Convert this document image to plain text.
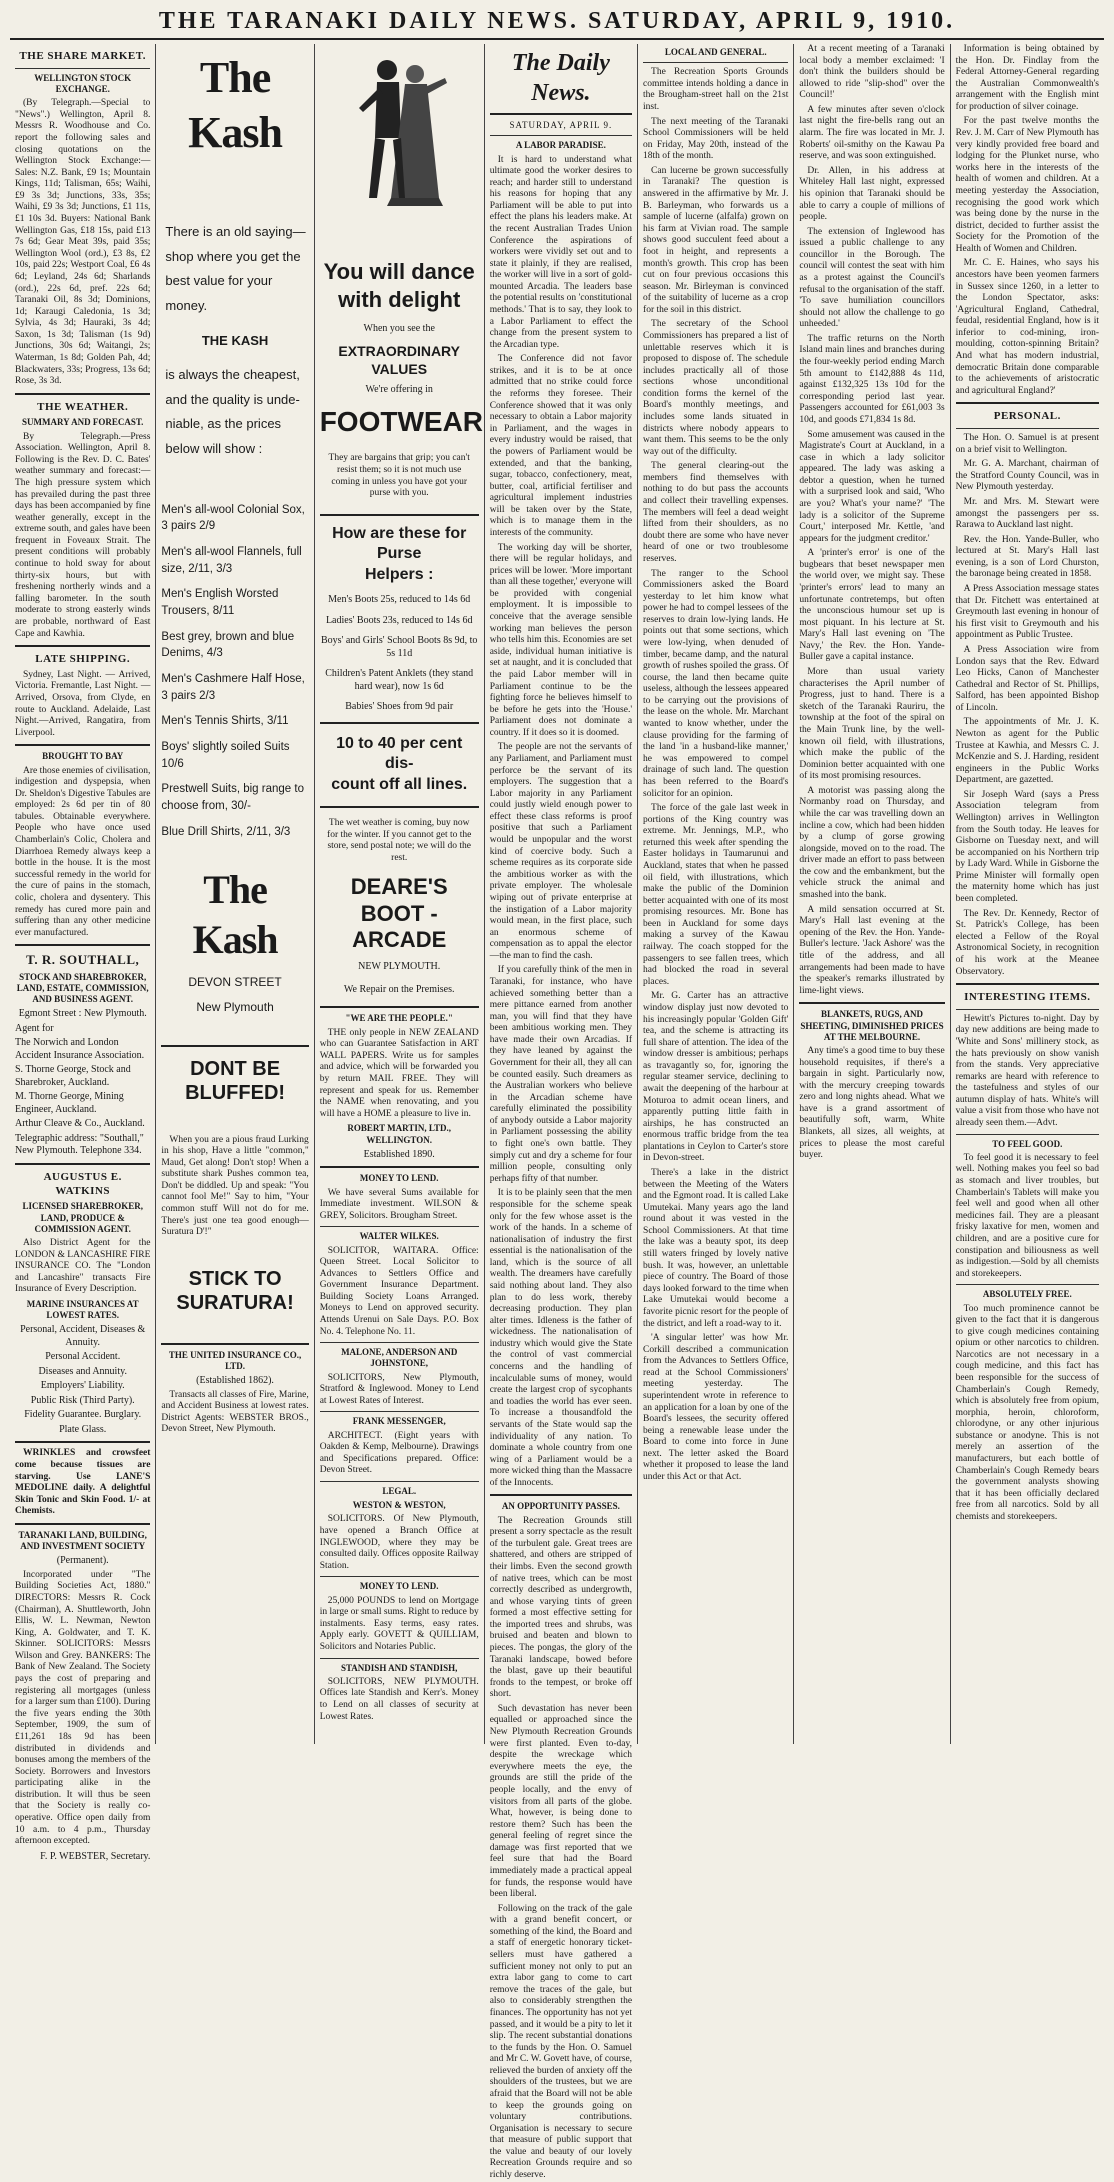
THE TARANAKI DAILY NEWS. SATURDAY, APRIL 9, 1910.
THE SHARE MARKET.
WELLINGTON STOCK EXCHANGE.

(By Telegraph.—Special to "News".) Wellington, April 8. Messrs R. Woodhouse and Co. report the following sales and closing quotations on the Wellington Stock Exchange:—Sales: N.Z. Bank, £9 1s; Mountain Kings, 11d; Talisman, 65s; Waihi, £9 3s 3d; Junctions, 33s, 35s; Waihi, £9 3s 3d; Junctions, £1 11s, £1 10s 3d. Buyers: National Bank Wellington Gas, £18 15s, paid £13 7s 6d; Gear Meat 39s, paid 35s; Wellington Wool (ord.), £3 8s, £2 10s, paid 22s; Westport Coal, £6 4s 6d; Leyland, 24s 6d; Sharlands (ord.), 22s 6d, pref. 22s 6d; Taranaki Oil, 8s 3d; Dominions, 1d; Karaugi Caledonia, 1s 3d; Sylvia, 4s 3d; Hauraki, 3s 4d; Saxon, 1s 3d; Talisman (1s 9d) Junctions, 30s 6d; Waitangi, 2s; Waterman, 1s 8d; Golden Pah, 4d; Blackwaters, 33s; Progress, 13s 6d; Rose, 3s 3d.

THE WEATHER.
SUMMARY AND FORECAST.

By Telegraph.—Press Association. Wellington, April 8. Following is the Rev. D. C. Bates' weather summary and forecast:—The high pressure system which has prevailed during the past three days has been accompanied by fine weather generally, except in the extreme south, and gales have been frequent in Foveaux Strait. The present conditions will probably continue to hold sway for about thirty-six hours, but with freshening northerly winds and a falling barometer. In the south moderate to strong easterly winds are probable, northward of East Cape and Kawhia.

LATE SHIPPING.

Sydney, Last Night. — Arrived, Victoria. Fremantle, Last Night. — Arrived, Orsova, from Clyde, en route to Auckland. Adelaide, Last Night.—Arrived, Rangatira, from Liverpool.

BROUGHT TO BAY

Are those enemies of civilisation, indigestion and dyspepsia, when Dr. Sheldon's Digestive Tabules are employed: 2s 6d per tin of 80 tabules. Obtainable everywhere. People who have once used Chamberlain's Colic, Cholera and Diarrhoea Remedy always keep a bottle in the house. It is the most successful remedy in the world for the cure of pains in the stomach, colic, cholera and dysentery. This remedy has cured more pain and suffering than any other medicine ever manufactured.

T. R. SOUTHALL,
STOCK AND SHAREBROKER, LAND, ESTATE, COMMISSION, AND BUSINESS AGENT.
Egmont Street : New Plymouth.
Agent for
The Norwich and London Accident Insurance Association.
S. Thorne George, Stock and Sharebroker, Auckland.
M. Thorne George, Mining Engineer, Auckland.
Arthur Cleave & Co., Auckland.
Telegraphic address: "Southall," New Plymouth. Telephone 334.
AUGUSTUS E. WATKINS
LICENSED SHAREBROKER, LAND, PRODUCE & COMMISSION AGENT.

Also District Agent for the LONDON & LANCASHIRE FIRE INSURANCE CO. The "London and Lancashire" transacts Fire Insurance of Every Description.

MARINE INSURANCES AT LOWEST RATES.
Personal, Accident, Diseases & Annuity.
Personal Accident.
Diseases and Annuity.
Employers' Liability.
Public Risk (Third Party).
Fidelity Guarantee. Burglary.
Plate Glass.

WRINKLES and crowsfeet come because tissues are starving. Use LANE'S MEDOLINE daily. A delightful Skin Tonic and Skin Food. 1/- at Chemists.

TARANAKI LAND, BUILDING, AND INVESTMENT SOCIETY
(Permanent).

Incorporated under "The Building Societies Act, 1880." DIRECTORS: Messrs R. Cock (Chairman), A. Shuttleworth, John Ellis, W. L. Newman, Newton King, A. Goldwater, and T. K. Skinner. SOLICITORS: Messrs Wilson and Grey. BANKERS: The Bank of New Zealand. The Society pays the cost of preparing and registering all mortgages (unless for a larger sum than £100). During the five years ending the 30th September, 1909, the sum of £11,261 18s 9d has been distributed in dividends and bonuses among the members of the Society. Borrowers and Investors participating alike in the distribution. It will thus be seen that the Society is really co-operative. Office open daily from 10 a.m. to 4 p.m., Thursday afternoon excepted.

F. P. WEBSTER, Secretary.
The Kash
There is an old saying—
shop where you get the
best value for your
money.
THE KASH
is always the cheapest,
and the quality is unde-
niable, as the prices
below will show :
Men's all-wool Colonial Sox, 3 pairs 2/9
Men's all-wool Flannels, full size, 2/11, 3/3
Men's English Worsted Trousers, 8/11
Best grey, brown and blue Denims, 4/3
Men's Cashmere Half Hose, 3 pairs 2/3
Men's Tennis Shirts, 3/11
Boys' slightly soiled Suits 10/6
Prestwell Suits, big range to choose from, 30/-
Blue Drill Shirts, 2/11, 3/3
The Kash
DEVON STREET
New Plymouth
DONT BE
BLUFFED!

When you are a pious fraud Lurking in his shop, Have a little "common," Maud, Get along! Don't stop! When a substitute shark Pushes common tea, Don't be diddled. Up and speak: "You cannot fool Me!" Say to him, "Your common stuff Will not do for me. There's just one tea good enough— Suratura D'!"

STICK TO
SURATURA!
THE UNITED INSURANCE CO., LTD.
(Established 1862).

Transacts all classes of Fire, Marine, and Accident Business at lowest rates. District Agents: WEBSTER BROS., Devon Street, New Plymouth.

You will dance
with delight
When you see the
EXTRAORDINARY
VALUES
We're offering in
FOOTWEAR

They are bargains that grip; you can't resist them; so it is not much use coming in unless you have got your purse with you.

How are these for Purse
Helpers :
Men's Boots 25s, reduced to 14s 6d
Ladies' Boots 23s, reduced to 14s 6d
Boys' and Girls' School Boots 8s 9d, to 5s 11d
Children's Patent Anklets (they stand hard wear), now 1s 6d
Babies' Shoes from 9d pair
10 to 40 per cent dis-
count off all lines.

The wet weather is coming, buy now for the winter. If you cannot get to the store, send postal note; we will do the rest.

DEARE'S
BOOT - ARCADE
NEW PLYMOUTH.
We Repair on the Premises.
"WE ARE THE PEOPLE."

THE only people in NEW ZEALAND who can Guarantee Satisfaction in ART WALL PAPERS. Write us for samples and advice, which will be forwarded you by return MAIL FREE. They will represent and speak for us. Remember the NAME when renovating, and you will have a HOME a pleasure to live in.

ROBERT MARTIN, LTD., WELLINGTON.
Established 1890.
MONEY TO LEND.

We have several Sums available for Immediate investment. WILSON & GREY, Solicitors. Brougham Street.

WALTER WILKES.

SOLICITOR, WAITARA. Office: Queen Street. Local Solicitor to Advances to Settlers Office and Government Insurance Department. Building Society Loans Arranged. Moneys to Lend on approved security. Attends Urenui on Sale Days. P.O. Box No. 4. Telephone No. 11.

MALONE, ANDERSON AND JOHNSTONE,

SOLICITORS, New Plymouth, Stratford & Inglewood. Money to Lend at Lowest Rates of Interest.

FRANK MESSENGER,

ARCHITECT. (Eight years with Oakden & Kemp, Melbourne). Drawings and Specifications prepared. Office: Devon Street.

LEGAL.
WESTON & WESTON,

SOLICITORS. Of New Plymouth, have opened a Branch Office at INGLEWOOD, where they may be consulted daily. Offices opposite Railway Station.

MONEY TO LEND.

25,000 POUNDS to lend on Mortgage in large or small sums. Right to reduce by instalments. Easy terms, easy rates. Apply early. GOVETT & QUILLIAM, Solicitors and Notaries Public.

STANDISH AND STANDISH,

SOLICITORS, NEW PLYMOUTH. Offices late Standish and Kerr's. Money to Lend on all classes of security at Lowest Rates.

The Daily News.
SATURDAY, APRIL 9.
A LABOR PARADISE.

It is hard to understand what ultimate good the worker desires to reach; and harder still to understand his reasons for hoping that any Parliament will be able to put into effect the plans his leaders make. At the recent Australian Trades Union Conference the aspirations of workers were vividly set out and to state it plainly, if they are realised, the worker will live in a sort of gold-mounted Arcadia. The leaders base the potential results on 'constitutional methods.' That is to say, they look to a Labor Parliament to effect the change from the present system to the Arcadian type.

The Conference did not favor strikes, and it is to be at once admitted that no strike could force the reforms they foresee. Their Conference showed that it was only necessary to obtain a Labor majority in Parliament, and the wages in every industry would be raised, that the powers of Parliament would be extended, and that the banking, sugar, tobacco, confectionery, meat, butter, coal, artificial fertiliser and agricultural implement industries will be taken over by the State, which is to manage them in the interests of the community.

The working day will be shorter, there will be regular holidays, and prices will be lower. 'More important than all these together,' everyone will be provided with congenial employment. It is impossible to conceive that the average sensible working man believes the person who tells him this. Economies are set aside, individual human initiative is set at naught, and it is concluded that the paid Labor member will in Parliament continue to be the fighting force he believes himself to be before he gets into the 'House.' Parliament does not dominate a country. If it does so it is doomed.

The people are not the servants of any Parliament, and Parliament must perforce be the servant of its employers. The suggestion that a Labor majority in any Parliament could justly wield enough power to effect these class reforms is proof positive that such a Parliament would be unpopular and the worst kind of coercive body. Such a scheme requires as its corporate side the ambitious worker as with the private employer. The wholesale wiping out of private enterprise at the instigation of a Labor majority would mean, in the first place, such an enormous scheme of compensation as to appal the elector—the man to find the cash.

If you carefully think of the men in Taranaki, for instance, who have achieved something better than a mere pittance earned from another man, you will find that they have been ambitious working men. They have made their own Arcadias. If they have leaned by against the Government for their all, they all can be counted easily. Such dreamers as the Australian workers who believe in the Arcadian scheme have carefully eliminated the possibility of anybody outside a Labor majority in Parliament possessing the ability to fight one's own battle. They simply cut and dry a scheme for four million people, consulting only perhaps fifty of that number.

It is to be plainly seen that the men responsible for the scheme speak only for the few whose asset is the work of the hands. In a scheme of nationalisation of industry the first essential is the nationalisation of the land, which is the source of all wealth. The dreamers have carefully said nothing about land. They also plan to do less work, thereby decreasing production. They plan alter times. Idleness is the father of wickedness. The nationalisation of industry which would give the State the control of vast commercial concerns and the handling of incalculable sums of money, would create the largest crop of sycophants and toadies the world has ever seen. To increase a thousandfold the servants of the State would sap the individuality of any nation. To dominate a whole country from one wing of a Parliament would be a more wicked thing than the Massacre of the Innocents.

AN OPPORTUNITY PASSES.

The Recreation Grounds still present a sorry spectacle as the result of the turbulent gale. Great trees are shattered, and others are stripped of their limbs. Even the second growth of native trees, which can be most correctly described as undergrowth, and whose varying tints of green formed a most effective setting for the imported trees and shrubs, was bruised and beaten and blown to pieces. The pongas, the glory of the Taranaki landscape, bowed before the blast, gave up their beautiful fronds to the tempest, or broke off short.

Such devastation has never been equalled or approached since the New Plymouth Recreation Grounds were first planted. Even to-day, despite the wreckage which everywhere meets the eye, the grounds are still the pride of the people locally, and the envy of visitors from all parts of the globe. What, however, is being done to restore them? Such has been the general feeling of regret since the damage was first reported that we feel sure that had the Board immediately made a practical appeal for funds, the response would have been liberal.

Following on the track of the gale with a grand benefit concert, or something of the kind, the Board and a staff of energetic honorary ticket-sellers must have gathered a sufficient money not only to put an extra labor gang to come to cart remove the traces of the gale, but also to considerably strengthen the finances. The opportunity has not yet passed, and it would be a pity to let it slip. The recent substantial donations to the funds by the Hon. O. Samuel and Mr C. W. Govett have, of course, relieved the burden of anxiety off the shoulders of the trustees, but we are afraid that the Board will not be able to keep the grounds going on voluntary contributions. Organisation is necessary to secure that measure of public support that the value and beauty of our lovely Recreation Grounds require and so richly deserve.

LOCAL AND GENERAL.

The Recreation Sports Grounds committee intends holding a dance in the Brougham-street hall on the 21st inst.

The next meeting of the Taranaki School Commissioners will be held on Friday, May 20th, instead of the 18th of the month.

Can lucerne be grown successfully in Taranaki? The question is answered in the affirmative by Mr. J. B. Barleyman, who forwards us a sample of lucerne (alfalfa) grown on his farm at Vivian road. The sample shows good succulent feed about a foot in height, and represents a month's growth. This crop has been cut on four previous occasions this season. Mr. Birleyman is convinced of the suitability of lucerne as a crop for the soil in this district.

The secretary of the School Commissioners has prepared a list of unlettable reserves which it is proposed to dispose of. The schedule includes practically all of those sections whose unconditional condition forms the kernel of the Board's monthly meetings, and includes some lands situated in districts where nobody appears to want them. This seems to be the only way out of the difficulty.

The general clearing-out the members find themselves with nothing to do but pass the accounts and collect their travelling expenses. The members will feel a dead weight lifted from their shoulders, as no doubt there are some who have never heard of one or two troublesome reserves.

The ranger to the School Commissioners asked the Board yesterday to let him know what power he had to compel lessees of the reserves to drain low-lying lands. He points out that some sections, which were low-lying, when denuded of timber, became damp, and the natural growth of rushes spoiled the grass. Of course, the land then became quite useless, although the lessees appeared to be carrying out the provisions of the lease on the whole. Mr. Marchant wanted to know whether, under the clause providing for the farming of the land 'in a husband-like manner,' he was empowered to compel drainage of such land. The question has been referred to the Board's solicitor for an opinion.

The force of the gale last week in portions of the King country was extreme. Mr. Jennings, M.P., who returned this week after spending the Easter holidays in Taumarunui and Auckland, states that when he passed oil field, with illustrations, which make the public of the Dominion better acquainted with one of its most promising resources. Mr. Bone has been in Auckland for some days making a survey of the Kawau railway. The coach stopped for the passengers to see fallen trees, which had blocked the road in several places.

Mr. G. Carter has an attractive window display just now devoted to his increasingly popular 'Golden Gift' tea, and the scheme is attracting its full share of attention. The idea of the window dresser is ambitious; perhaps as travagantly so, for, ignoring the regular steamer service, declining to await the deepening of the harbour at Moturoa to admit ocean liners, and apparently putting little faith in airships, he has constructed an enormous traffic bridge from the tea plantations in Ceylon to Carter's store in Devon-street.

There's a lake in the district between the Meeting of the Waters and the Egmont road. It is called Lake Umutekai. Many years ago the land round about it was vested in the School Commissioners. At that time the lake was a beauty spot, its deep still waters fringed by lovely native bush. It was, however, an unlettable piece of country. The Board of those days looked forward to the time when Lake Umutekai would become a favorite picnic resort for the people of the district, and left a road-way to it.

'A singular letter' was how Mr. Corkill described a communication from the Advances to Settlers Office, read at the School Commissioners' meeting yesterday. The superintendent wrote in reference to an application for a loan by one of the Board's lessees, the security offered being a renewable lease under the Board to come into force in June next. The letter asked the Board whether it proposed to lease the land under this Act or that Act.

At a recent meeting of a Taranaki local body a member exclaimed: 'I don't think the builders should be allowed to ride "slip-shod" over the Council!'

A few minutes after seven o'clock last night the fire-bells rang out an alarm. The fire was located in Mr. J. Roberts' oil-smithy on the Kawau Pa reserve, and was soon extinguished.

Dr. Allen, in his address at Whiteley Hall last night, expressed his opinion that Taranaki should be able to carry a couple of millions of people.

The extension of Inglewood has issued a public challenge to any councillor in the Borough. The council will contest the seat with him as a protest against the Council's refusal to the organisation of the staff. 'To save humiliation councillors should not allow the challenge to go unheeded.'

The traffic returns on the North Island main lines and branches during the four-weekly period ending March 5th amount to £142,888 4s 11d, against £132,325 13s 10d for the corresponding period last year. Passengers accounted for £61,003 3s 10d, and goods £71,834 1s 8d.

Some amusement was caused in the Magistrate's Court at Auckland, in a case in which a lady solicitor appeared. The lady was asking a debtor a question, when he turned with a surprised look and said, 'Who are you? What's your name?' 'The lady is a solicitor of the Supreme Court,' interposed Mr. Kettle, 'and appears for the judgment creditor.'

A 'printer's error' is one of the bugbears that beset newspaper men the world over, we might say. These 'printer's errors' lead to many an unfortunate contretemps, but often the unconscious humour set up is most piquant. In his lecture at St. Mary's Hall last evening on 'The Navy,' the Rev. the Hon. Yande-Buller gave a capital instance.

More than usual variety characterises the April number of Progress, just to hand. There is a sketch of the Taranaki Rauriru, the township at the foot of the spiral on the Main Trunk line, by the well-known oil field, with illustrations, which make the public of the Dominion better acquainted with one of its most promising resources.

A motorist was passing along the Normanby road on Thursday, and while the car was travelling down an incline a cow, which had been hidden by a clump of gorse growing alongside, moved on to the road. The driver made an effort to pass between the cow and the embankment, but the vehicle struck the animal and smashed into the bank.

A mild sensation occurred at St. Mary's Hall last evening at the opening of the Rev. the Hon. Yande-Buller's lecture. 'Jack Ashore' was the title of the address, and all arrangements had been made to have the speaker's remarks illustrated by lime-light views.

BLANKETS, RUGS, AND SHEETING, DIMINISHED PRICES AT THE MELBOURNE.

Any time's a good time to buy these household requisites, if there's a bargain in sight. Particularly now, with the mercury creeping towards zero and long nights ahead. What we have is a grand assortment of beautifully soft, warm, White Blankets, all sizes, all weights, at prices to please the most careful buyer.

Information is being obtained by the Hon. Dr. Findlay from the Federal Attorney-General regarding the Australian Commonwealth's arrangement with the English mint for production of silver coinage.

For the past twelve months the Rev. J. M. Carr of New Plymouth has very kindly provided free board and lodging for the Plunket nurse, who works here in the interests of the health of women and children. At a meeting yesterday the Association, recognising the good work which was being done by the nurse in the district, decided to further assist the Society for the Promotion of the Health of Women and Children.

Mr. C. E. Haines, who says his ancestors have been yeomen farmers in Sussex since 1260, in a letter to the London Spectator, asks: 'Agricultural England, Cathedral, feudal, residential England, how is it inferior to cod-mining, iron-moulding, cotton-spinning Britain? And what has modern industrial, democratic Britain done comparable to the achievements of aristocratic and agricultural England?'

PERSONAL.

The Hon. O. Samuel is at present on a brief visit to Wellington.

Mr. G. A. Marchant, chairman of the Stratford County Council, was in New Plymouth yesterday.

Mr. and Mrs. M. Stewart were amongst the passengers per ss. Rarawa to Auckland last night.

Rev. the Hon. Yande-Buller, who lectured at St. Mary's Hall last evening, is a son of Lord Churston, the baronage being created in 1858.

A Press Association message states that Dr. Fitchett was entertained at Greymouth last evening in honour of his first visit to Greymouth and his appointment as Public Trustee.

A Press Association wire from London says that the Rev. Edward Leo Hicks, Canon of Manchester Cathedral and Rector of St. Phillips, Salford, has been appointed Bishop of Lincoln.

The appointments of Mr. J. K. Newton as agent for the Public Trustee at Kawhia, and Messrs C. J. McKenzie and S. J. Harding, resident engineers in the Public Works Department, are gazetted.

Sir Joseph Ward (says a Press Association telegram from Wellington) arrives in Wellington from the South today. He leaves for Gisborne on Tuesday next, and will be accompanied on his Northern trip by Lady Ward. While in Gisborne the Prime Minister will formally open the maternity home which has just been completed.

The Rev. Dr. Kennedy, Rector of St. Patrick's College, has been elected a Fellow of the Royal Astronomical Society, in recognition of his work at the Meanee Observatory.

INTERESTING ITEMS.

Hewitt's Pictures to-night. Day by day new additions are being made to 'White and Sons' millinery stock, as the hats previously on show vanish from the stands. Very appreciative remarks are heard with reference to the tastefulness and styles of our autumn display of hats. White's will value a visit from those who have not already seen them.—Advt.

TO FEEL GOOD.

To feel good it is necessary to feel well. Nothing makes you feel so bad as stomach and liver troubles, but Chamberlain's Tablets will make you feel well and good when all other medicines fail. They are a pleasant frisky laxative for men, women and children, and are a positive cure for constipation and biliousness as well as indigestion.—Sold by all chemists and storekeepers.

ABSOLUTELY FREE.

Too much prominence cannot be given to the fact that it is dangerous to give cough medicines containing opium or other narcotics to children. Narcotics are not necessary in a cough medicine, and this fact has been responsible for the success of Chamberlain's Cough Remedy, which is absolutely free from opium, morphia, heroin, chloroform, chlorodyne, or any other injurious substance or anodyne. This is not merely an assertion of the manufacturers, but each bottle of Chamberlain's Cough Remedy bears the government analysts showing that it has been officially declared free from all narcotics. Sold by all chemists and storekeepers.
